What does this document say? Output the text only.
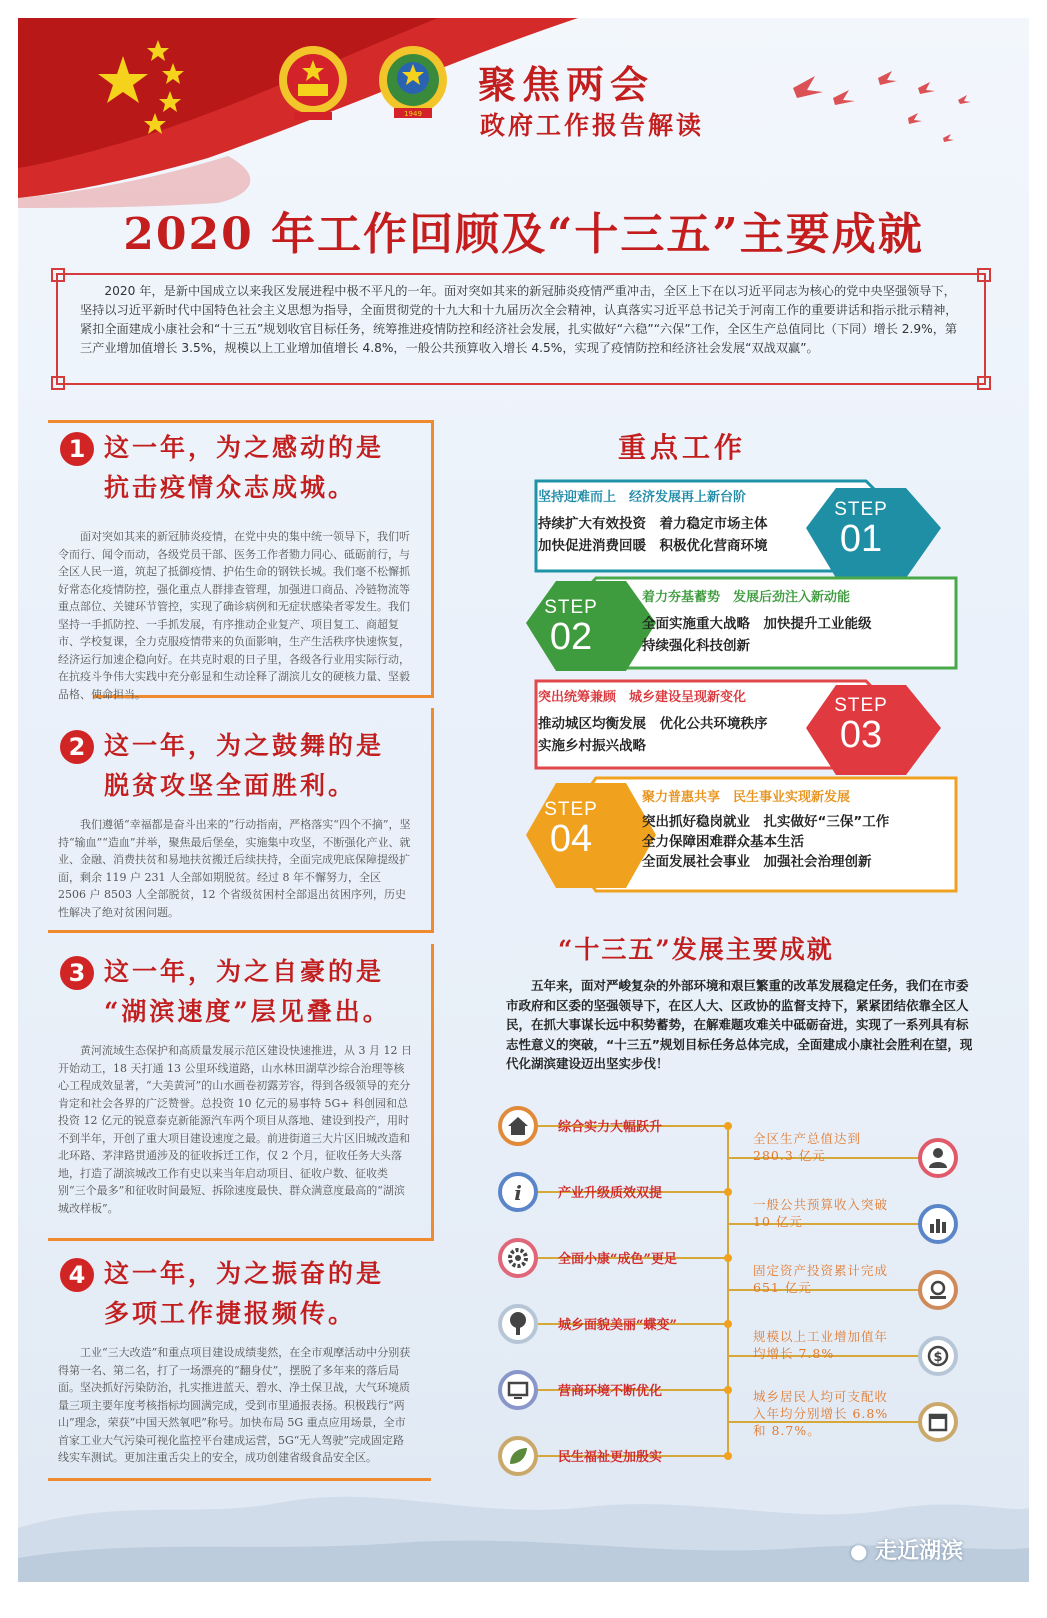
1949
聚焦两会
政府工作报告解读
2020 年工作回顾及“十三五”主要成就

2020 年，是新中国成立以来我区发展进程中极不平凡的一年。面对突如其来的新冠肺炎疫情严重冲击，全区上下在以习近平同志为核心的党中央坚强领导下，坚持以习近平新时代中国特色社会主义思想为指导，全面贯彻党的十九大和十九届历次全会精神，认真落实习近平总书记关于河南工作的重要讲话和指示批示精神，紧扣全面建成小康社会和“十三五”规划收官目标任务，统筹推进疫情防控和经济社会发展，扎实做好“六稳”“六保”工作，全区生产总值同比（下同）增长 2.9%，第三产业增加值增长 3.5%，规模以上工业增加值增长 4.8%，一般公共预算收入增长 4.5%，实现了疫情防控和经济社会发展“双战双赢”。

1 这一年，为之感动的是
抗击疫情众志成城。

面对突如其来的新冠肺炎疫情，在党中央的集中统一领导下，我们听令而行、闻令而动，各级党员干部、医务工作者勠力同心、砥砺前行，与全区人民一道，筑起了抵御疫情、护佑生命的钢铁长城。我们毫不松懈抓好常态化疫情防控，强化重点人群排查管理，加强进口商品、冷链物流等重点部位、关键环节管控，实现了确诊病例和无症状感染者零发生。我们坚持一手抓防控、一手抓发展，有序推动企业复产、项目复工、商超复市、学校复课，全力克服疫情带来的负面影响，生产生活秩序快速恢复，经济运行加速企稳向好。在共克时艰的日子里，各级各行业用实际行动，在抗疫斗争伟大实践中充分彰显和生动诠释了湖滨儿女的硬核力量、坚毅品格、使命担当。

2 这一年，为之鼓舞的是
脱贫攻坚全面胜利。

我们遵循“幸福都是奋斗出来的”行动指南，严格落实“四个不摘”，坚持“输血”“造血”并举，聚焦最后堡垒，实施集中攻坚，不断强化产业、就业、金融、消费扶贫和易地扶贫搬迁后续扶持，全面完成兜底保障提级扩面，剩余 119 户 231 人全部如期脱贫。经过 8 年不懈努力，全区 2506 户 8503 人全部脱贫，12 个省级贫困村全部退出贫困序列，历史性解决了绝对贫困问题。

3 这一年，为之自豪的是
“湖滨速度”层见叠出。

黄河流域生态保护和高质量发展示范区建设快速推进，从 3 月 12 日开始动工，18 天打通 13 公里环线道路，山水林田湖草沙综合治理等核心工程成效显著，“大美黄河”的山水画卷初露芳容，得到各级领导的充分肯定和社会各界的广泛赞誉。总投资 10 亿元的易事特 5G+ 科创园和总投资 12 亿元的锐意泰克新能源汽车两个项目从落地、建设到投产，用时不到半年，开创了重大项目建设速度之最。前进街道三大片区旧城改造和北环路、茅津路贯通涉及的征收拆迁工作，仅 2 个月，征收任务大头落地，打造了湖滨城改工作有史以来当年启动项目、征收户数、征收类别“三个最多”和征收时间最短、拆除速度最快、群众满意度最高的“湖滨城改样板”。

4 这一年，为之振奋的是
多项工作捷报频传。

工业“三大改造”和重点项目建设成绩斐然，在全市观摩活动中分别获得第一名、第二名，打了一场漂亮的“翻身仗”，摆脱了多年来的落后局面。坚决抓好污染防治，扎实推进蓝天、碧水、净土保卫战，大气环境质量三项主要年度考核指标均圆满完成，受到市里通报表扬。积极践行“两山”理念，荣获“中国天然氧吧”称号。加快布局 5G 重点应用场景，全市首家工业大气污染可视化监控平台建成运营，5G“无人驾驶”完成固定路线实车测试。更加注重舌尖上的安全，成功创建省级食品安全区。

重点工作
坚持迎难而上　经济发展再上新台阶
持续扩大有效投资　着力稳定市场主体
加快促进消费回暖　积极优化营商环境
STEP
01
着力夯基蓄势　发展后劲注入新动能
全面实施重大战略　加快提升工业能级
持续强化科技创新
STEP
02
突出统筹兼顾　城乡建设呈现新变化
推动城区均衡发展　优化公共环境秩序
实施乡村振兴战略
STEP
03
聚力普惠共享　民生事业实现新发展
突出抓好稳岗就业　扎实做好“三保”工作
全力保障困难群众基本生活
全面发展社会事业　加强社会治理创新
STEP
04
“十三五”发展主要成就

五年来，面对严峻复杂的外部环境和艰巨繁重的改革发展稳定任务，我们在市委市政府和区委的坚强领导下，在区人大、区政协的监督支持下，紧紧团结依靠全区人民，在抓大事谋长远中积势蓄势，在解难题攻难关中砥砺奋进，实现了一系列具有标志性意义的突破，“十三五”规划目标任务总体完成，全面建成小康社会胜利在望，现代化湖滨建设迈出坚实步伐！

i
综合实力大幅跃升
产业升级质效双提
全面小康“成色”更足
城乡面貌美丽“蝶变”
营商环境不断优化
民生福祉更加殷实
全区生产总值达到
280.3 亿元
一般公共预算收入突破
10 亿元
固定资产投资累计完成
651 亿元
规模以上工业增加值年
均增长 7.8%
城乡居民人均可支配收
入年均分别增长 6.8%
和 8.7%。
$
● 走近湖滨
